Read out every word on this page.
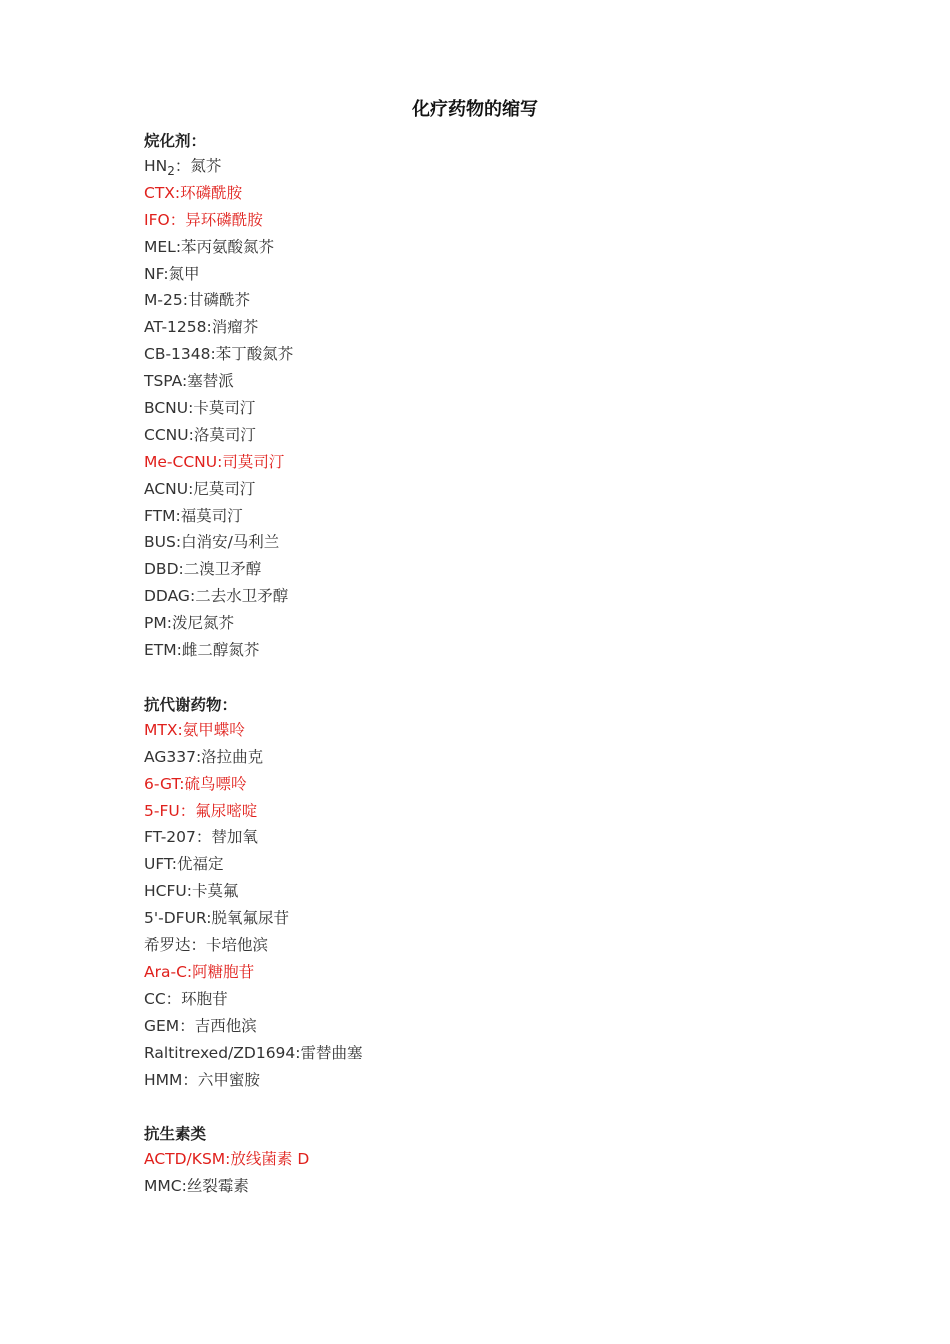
化疗药物的缩写
烷化剂：
$HN_2$：氮芥
CTX:环磷酰胺
IFO：异环磷酰胺
MEL:苯丙氨酸氮芥
NF:氮甲
M-25:甘磷酰芥
AT-1258:消瘤芥
CB-1348:苯丁酸氮芥
TSPA:塞替派
BCNU:卡莫司汀
CCNU:洛莫司汀
Me-CCNU:司莫司汀
ACNU:尼莫司汀
FTM:福莫司汀
BUS:白消安/马利兰
DBD:二溴卫矛醇
DDAG:二去水卫矛醇
PM:泼尼氮芥
ETM:雌二醇氮芥
抗代谢药物：
MTX:氨甲蝶呤
AG337:洛拉曲克
6-GT:硫鸟嘌呤
5-FU：氟尿嘧啶
FT-207：替加氧
UFT:优福定
HCFU:卡莫氟
5'-DFUR:脱氧氟尿苷
希罗达：卡培他滨
Ara-C:阿糖胞苷
CC：环胞苷
GEM：吉西他滨
Raltitrexed/ZD1694:雷替曲塞
HMM：六甲蜜胺
抗生素类
ACTD/KSM:放线菌素 D
MMC:丝裂霉素
